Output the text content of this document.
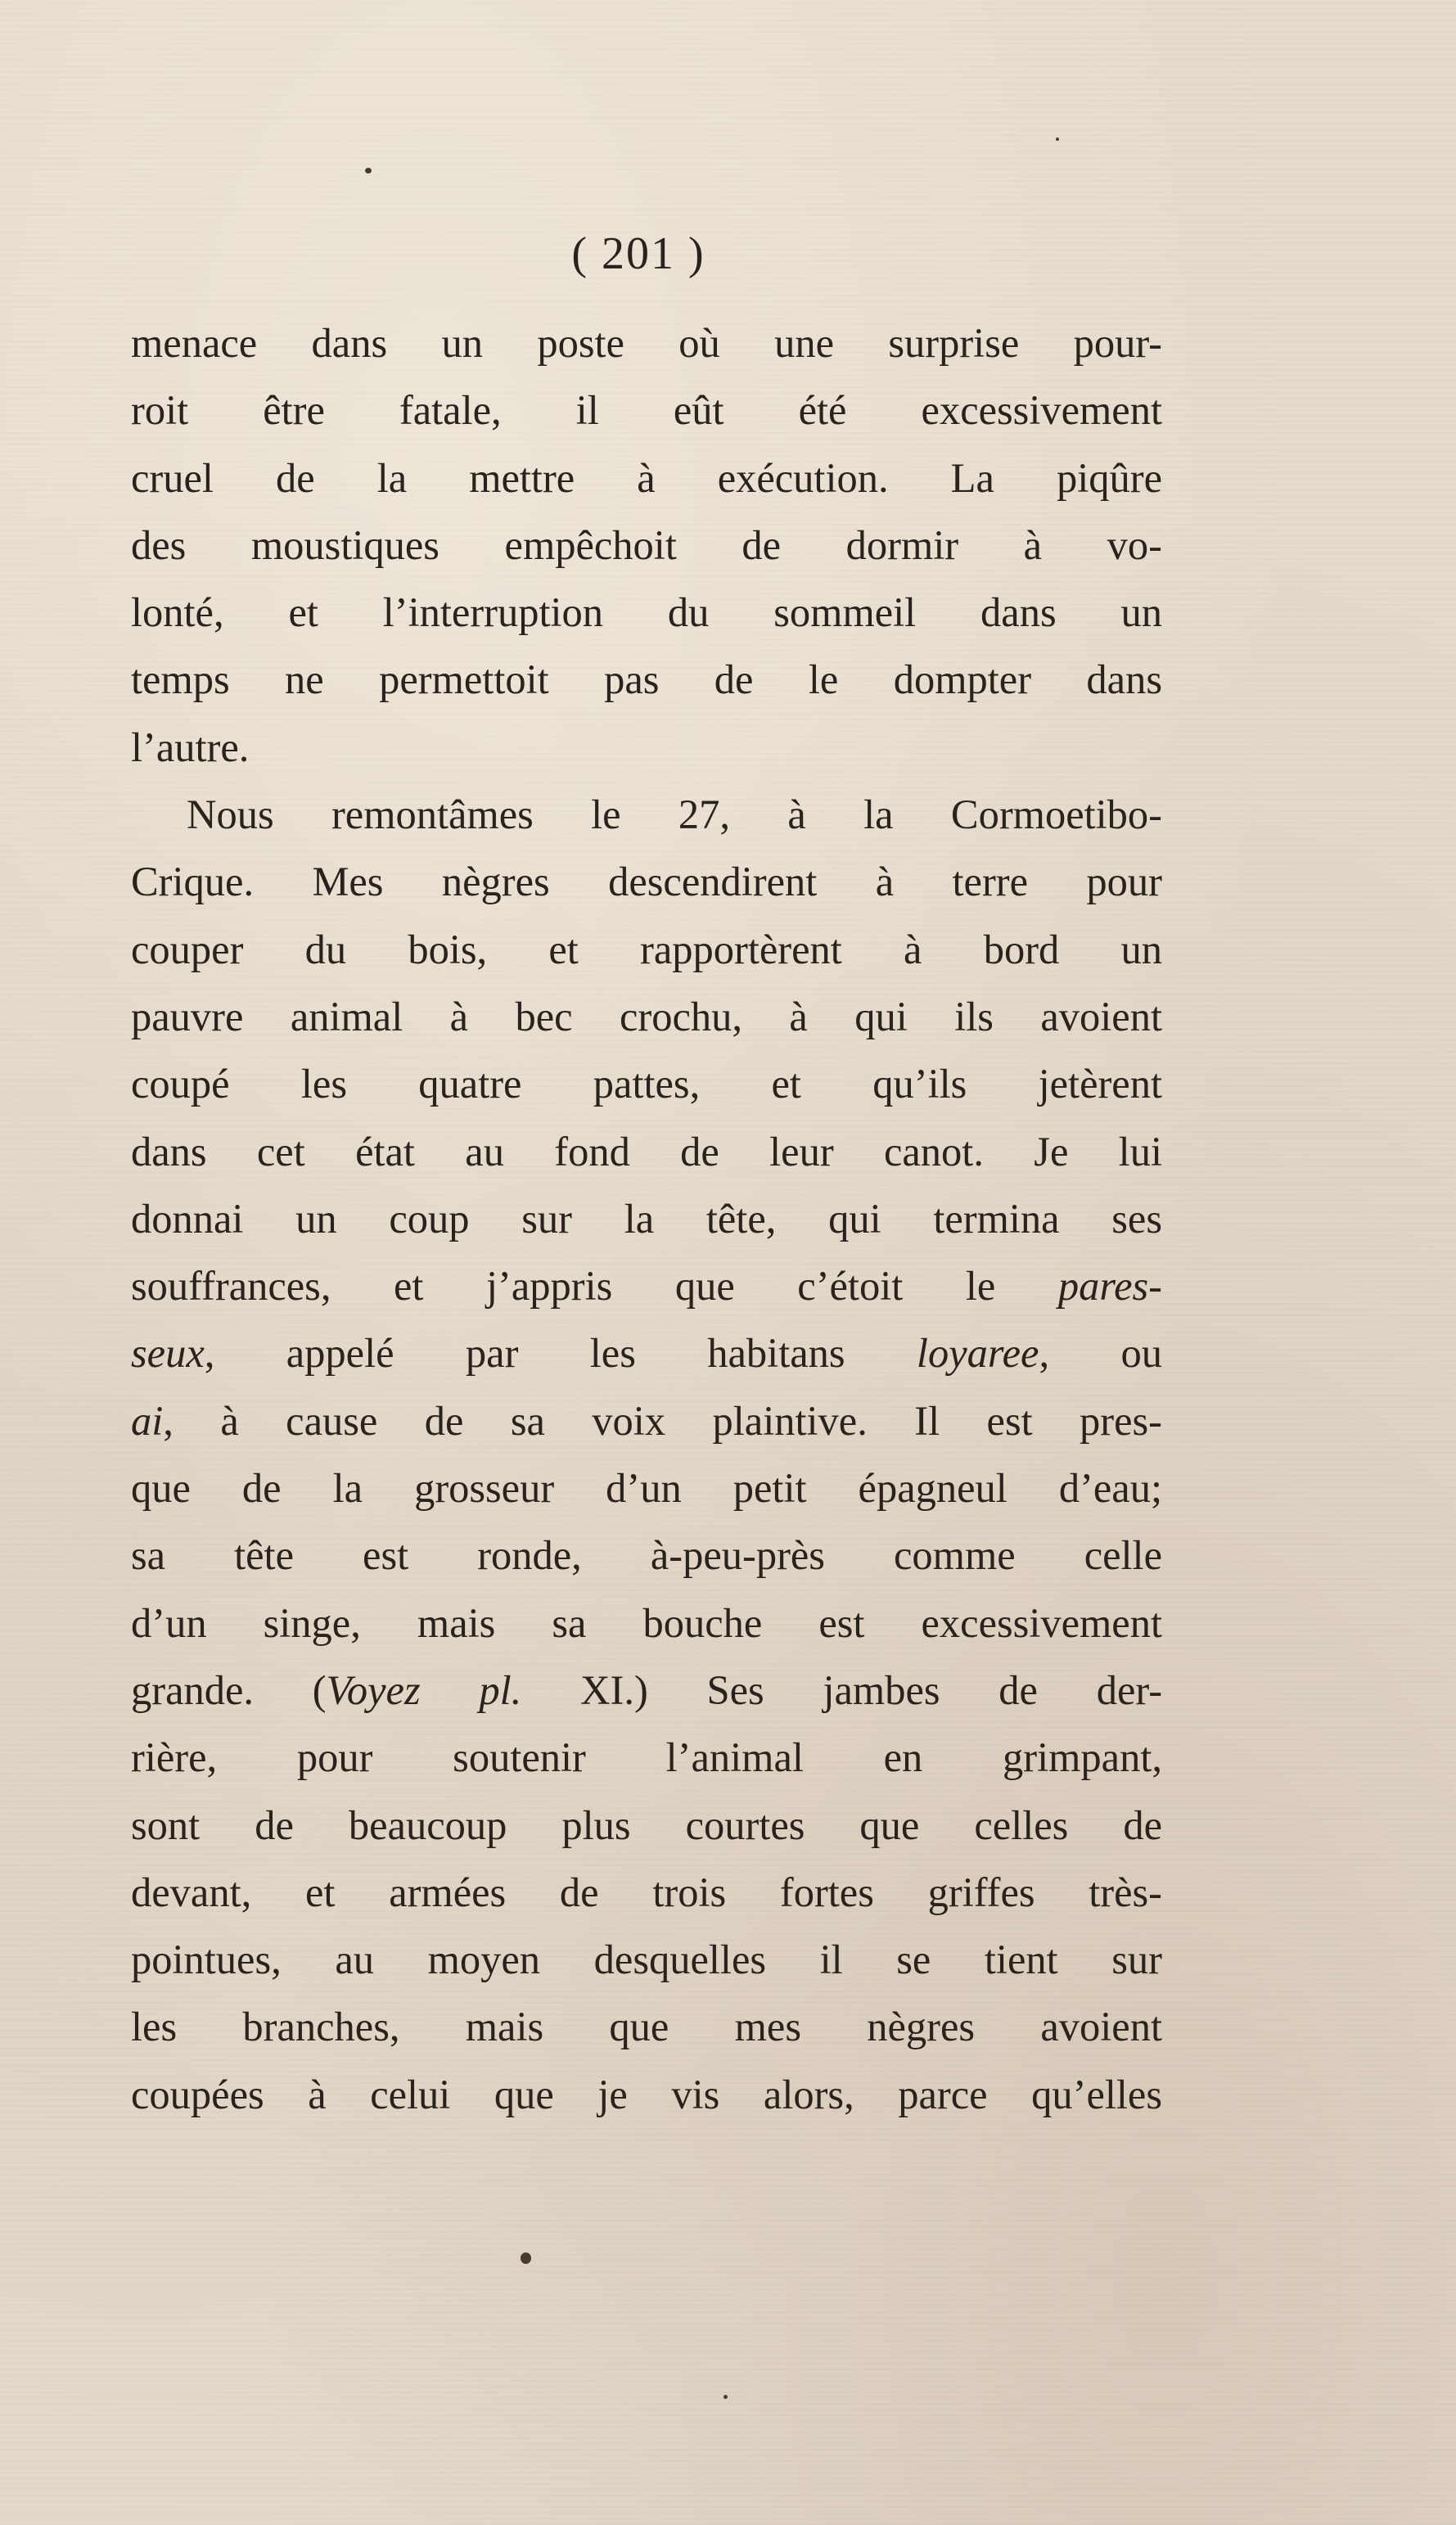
( 201 )
menace dans un poste où une surprise pour-
roit être fatale, il eût été excessivement
cruel de la mettre à exécution. La piqûre
des moustiques empêchoit de dormir à vo-
lonté, et l’interruption du sommeil dans un
temps ne permettoit pas de le dompter dans
l’autre.
Nous remontâmes le 27, à la Cormoetibo-
Crique. Mes nègres descendirent à terre pour
couper du bois, et rapportèrent à bord un
pauvre animal à bec crochu, à qui ils avoient
coupé les quatre pattes, et qu’ils jetèrent
dans cet état au fond de leur canot. Je lui
donnai un coup sur la tête, qui termina ses
souffrances, et j’appris que c’étoit le pares-
seux, appelé par les habitans loyaree, ou
ai, à cause de sa voix plaintive. Il est pres-
que de la grosseur d’un petit épagneul d’eau;
sa tête est ronde, à-peu-près comme celle
d’un singe, mais sa bouche est excessivement
grande. (Voyez pl. XI.) Ses jambes de der-
rière, pour soutenir l’animal en grimpant,
sont de beaucoup plus courtes que celles de
devant, et armées de trois fortes griffes très-
pointues, au moyen desquelles il se tient sur
les branches, mais que mes nègres avoient
coupées à celui que je vis alors, parce qu’elles
